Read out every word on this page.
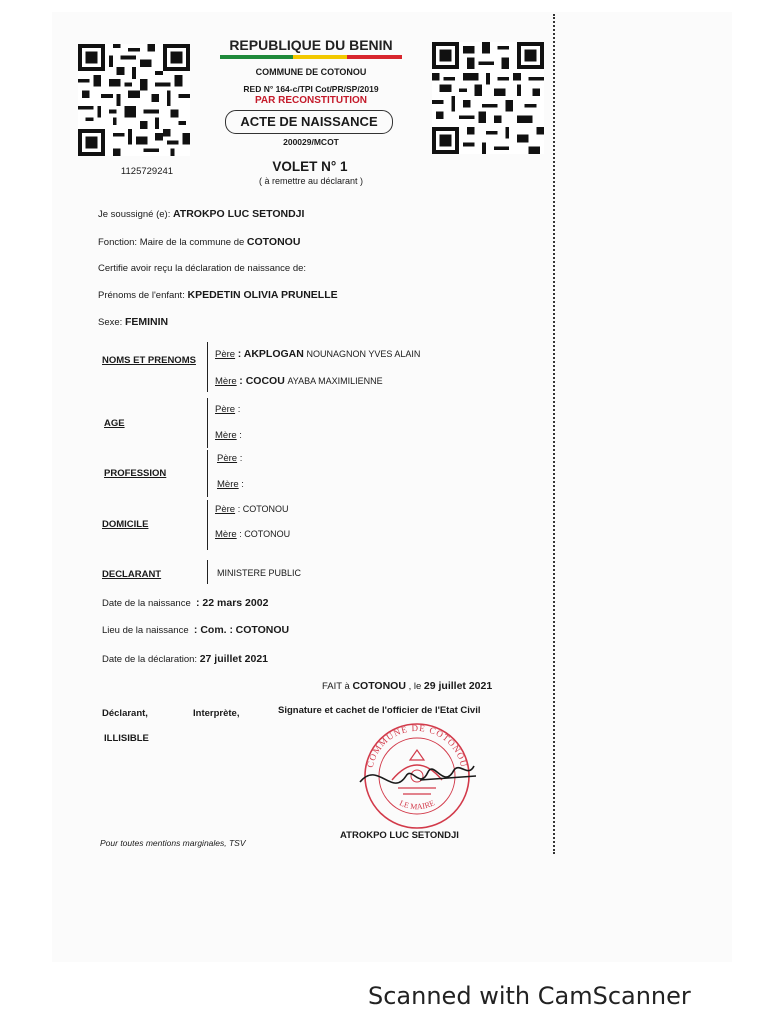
1125729241
REPUBLIQUE DU BENIN
COMMUNE DE COTONOU
RED N° 164-c/TPI Cot/PR/SP/2019
PAR RECONSTITUTION
ACTE DE NAISSANCE
200029/MCOT
VOLET N° 1
( à remettre au déclarant )
Je soussigné (e): ATROKPO LUC SETONDJI
Fonction: Maire de la commune de COTONOU
Certifie avoir reçu la déclaration de naissance de:
Prénoms de l'enfant: KPEDETIN OLIVIA PRUNELLE
Sexe: FEMININ
NOMS ET PRENOMS
Père : AKPLOGAN NOUNAGNON YVES ALAIN
Mère : COCOU AYABA MAXIMILIENNE
AGE
Père :
Mère :
PROFESSION
Père :
Mère :
DOMICILE
Père : COTONOU
Mère : COTONOU
DECLARANT	MINISTERE PUBLIC
Date de la naissance : 22 mars 2002
Lieu de la naissance : Com. : COTONOU
Date de la déclaration: 27 juillet 2021
FAIT à COTONOU , le 29 juillet 2021
Déclarant,	Interprète,	Signature et cachet de l'officier de l'Etat Civil
ILLISIBLE
COMMUNE DE COTONOU
LE MAIRE
Pour toutes mentions marginales, TSV
ATROKPO LUC SETONDJI
Scanned with CamScanner
